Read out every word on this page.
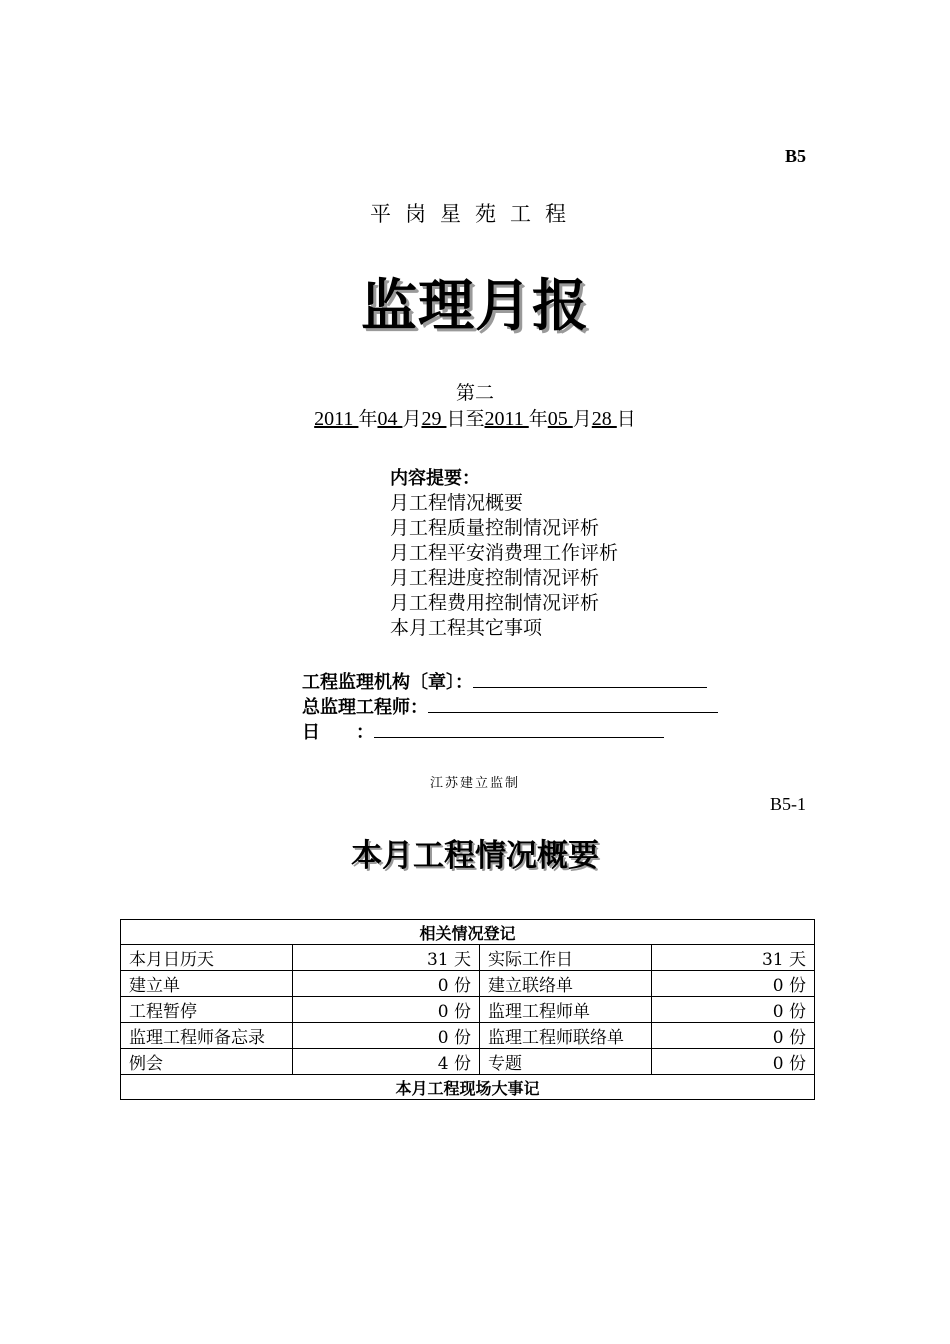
B5
平岗星苑工程
监理月报
第二
2011 年04 月29 日至2011 年05 月28 日
内容提要：
月工程情况概要
月工程质量控制情况评析
月工程平安消费理工作评析
月工程进度控制情况评析
月工程费用控制情况评析
本月工程其它事项
工程监理机构〔章〕：
总监理工程师：
日　　：
江苏建立监制
B5-1
本月工程情况概要
相关情况登记			
本月日历天	31 天	实际工作日	31 天
建立单	0 份	建立联络单	0 份
工程暂停	0 份	监理工程师单	0 份
监理工程师备忘录	0 份	监理工程师联络单	0 份
例会	4 份	专题	0 份
本月工程现场大事记			
